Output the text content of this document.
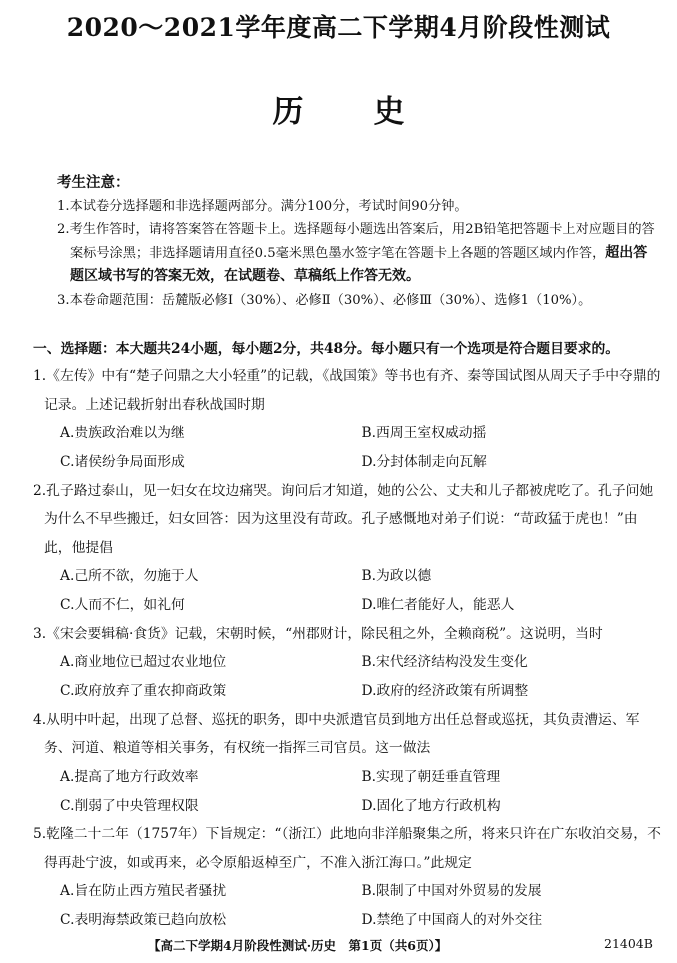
2020～2021学年度高二下学期4月阶段性测试
历史
考生注意：
1.本试卷分选择题和非选择题两部分。满分100分，考试时间90分钟。
2.考生作答时，请将答案答在答题卡上。选择题每小题选出答案后，用2B铅笔把答题卡上对应题目的答案标号涂黑；非选择题请用直径0.5毫米黑色墨水签字笔在答题卡上各题的答题区域内作答，超出答题区域书写的答案无效，在试题卷、草稿纸上作答无效。
3.本卷命题范围：岳麓版必修Ⅰ（30%）、必修Ⅱ（30%）、必修Ⅲ（30%）、选修1（10%）。
一、选择题：本大题共24小题，每小题2分，共48分。每小题只有一个选项是符合题目要求的。

1.《左传》中有“楚子问鼎之大小轻重”的记载，《战国策》等书也有齐、秦等国试图从周天子手中夺鼎的记录。上述记载折射出春秋战国时期

A.贵族政治难以为继	B.西周王室权威动摇
C.诸侯纷争局面形成	D.分封体制走向瓦解

2.孔子路过泰山，见一妇女在坟边痛哭。询问后才知道，她的公公、丈夫和儿子都被虎吃了。孔子问她为什么不早些搬迁，妇女回答：因为这里没有苛政。孔子感慨地对弟子们说：“苛政猛于虎也！”由此，他提倡

A.己所不欲，勿施于人	B.为政以德
C.人而不仁，如礼何	D.唯仁者能好人，能恶人

3.《宋会要辑稿·食货》记载，宋朝时候，“州郡财计，除民租之外，全赖商税”。这说明，当时

A.商业地位已超过农业地位	B.宋代经济结构没发生变化
C.政府放弃了重农抑商政策	D.政府的经济政策有所调整

4.从明中叶起，出现了总督、巡抚的职务，即中央派遣官员到地方出任总督或巡抚，其负责漕运、军务、河道、粮道等相关事务，有权统一指挥三司官员。这一做法

A.提高了地方行政效率	B.实现了朝廷垂直管理
C.削弱了中央管理权限	D.固化了地方行政机构

5.乾隆二十二年（1757年）下旨规定：“（浙江）此地向非洋船聚集之所，将来只许在广东收泊交易，不得再赴宁波，如或再来，必令原船返棹至广，不准入浙江海口。”此规定

A.旨在防止西方殖民者骚扰	B.限制了中国对外贸易的发展
C.表明海禁政策已趋向放松	D.禁绝了中国商人的对外交往
【高二下学期4月阶段性测试·历史　第1页（共6页）】	21404B
